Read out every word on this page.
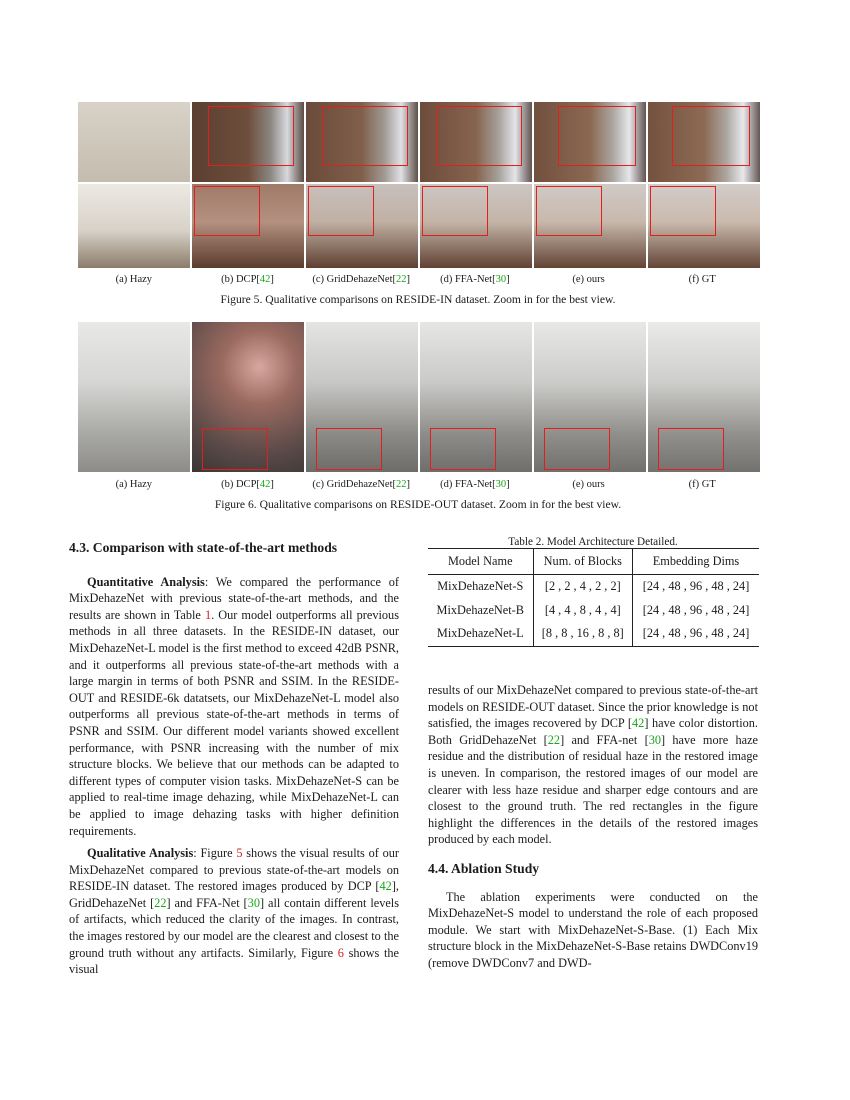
(a) Hazy	(b) DCP[42]	(c) GridDehazeNet[22]	(d) FFA-Net[30]	(e) ours	(f) GT
Figure 5. Qualitative comparisons on RESIDE-IN dataset. Zoom in for the best view.
(a) Hazy	(b) DCP[42]	(c) GridDehazeNet[22]	(d) FFA-Net[30]	(e) ours	(f) GT
Figure 6. Qualitative comparisons on RESIDE-OUT dataset. Zoom in for the best view.
4.3. Comparison with state-of-the-art methods

Quantitative Analysis: We compared the performance of MixDehazeNet with previous state-of-the-art methods, and the results are shown in Table 1. Our model outperforms all previous methods in all three datasets. In the RESIDE-IN dataset, our MixDehazeNet-L model is the first method to exceed 42dB PSNR, and it outperforms all previous state-of-the-art methods with a large margin in terms of both PSNR and SSIM. In the RESIDE-OUT and RESIDE-6k datatsets, our MixDehazeNet-L model also outperforms all previous state-of-the-art methods in terms of PSNR and SSIM. Our different model variants showed excellent performance, with PSNR increasing with the number of mix structure blocks. We believe that our methods can be adapted to different types of computer vision tasks. MixDehazeNet-S can be applied to real-time image dehazing, while MixDehazeNet-L can be applied to image dehazing tasks with higher definition requirements.

Qualitative Analysis: Figure 5 shows the visual results of our MixDehazeNet compared to previous state-of-the-art models on RESIDE-IN dataset. The restored images produced by DCP [42], GridDehazeNet [22] and FFA-Net [30] all contain different levels of artifacts, which reduced the clarity of the images. In contrast, the images restored by our model are the clearest and closest to the ground truth without any artifacts. Similarly, Figure 6 shows the visual

Table 2. Model Architecture Detailed.
Model Name	Num. of Blocks	Embedding Dims
MixDehazeNet-S	[2 , 2 , 4 , 2 , 2]	[24 , 48 , 96 , 48 , 24]
MixDehazeNet-B	[4 , 4 , 8 , 4 , 4]	[24 , 48 , 96 , 48 , 24]
MixDehazeNet-L	[8 , 8 , 16 , 8 , 8]	[24 , 48 , 96 , 48 , 24]

results of our MixDehazeNet compared to previous state-of-the-art models on RESIDE-OUT dataset. Since the prior knowledge is not satisfied, the images recovered by DCP [42] have color distortion. Both GridDehazeNet [22] and FFA-net [30] have more haze residue and the distribution of residual haze in the restored image is uneven. In comparison, the restored images of our model are clearer with less haze residue and sharper edge contours and are closest to the ground truth. The red rectangles in the figure highlight the differences in the details of the restored images produced by each model.

4.4. Ablation Study

The ablation experiments were conducted on the MixDehazeNet-S model to understand the role of each proposed module. We start with MixDehazeNet-S-Base. (1) Each Mix structure block in the MixDehazeNet-S-Base retains DWDConv19 (remove DWDConv7 and DWD-
